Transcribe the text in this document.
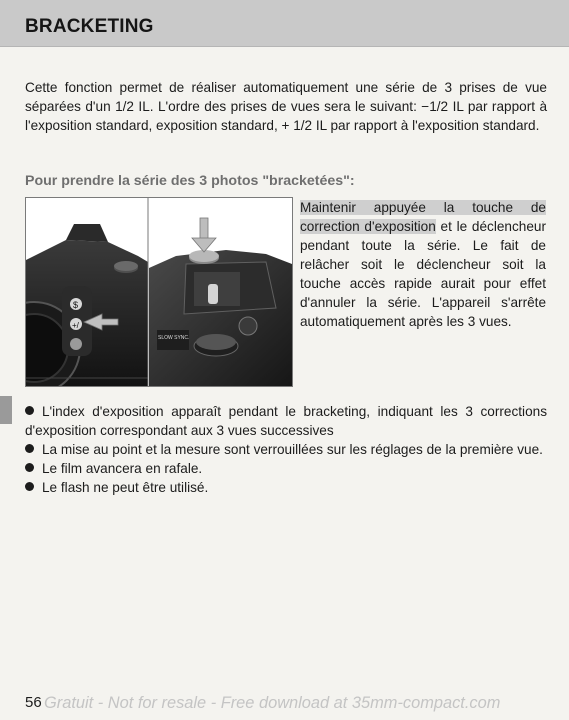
BRACKETING

Cette fonction permet de réaliser automatiquement une série de 3 prises de vue séparées d'un 1/2 IL. L'ordre des prises de vues sera le suivant: −1/2 IL par rapport à l'exposition standard, exposition standard, + 1/2 IL par rapport à l'exposition standard.

Pour prendre la série des 3 photos "bracketées":

$
+/
SLOW SYNC.

Maintenir appuyée la touche de correction d'exposition et le déclencheur pendant toute la série. Le fait de relâcher soit le déclencheur soit la touche accès rapide aurait pour effet d'annuler la série. L'appareil s'arrête automatiquement après les 3 vues.

L'index d'exposition apparaît pendant le bracketing, indiquant les 3 corrections d'exposition correspondant aux 3 vues successives
La mise au point et la mesure sont verrouillées sur les réglages de la première vue.
Le film avancera en rafale.
Le flash ne peut être utilisé.
56 Gratuit - Not for resale - Free download at 35mm-compact.com
